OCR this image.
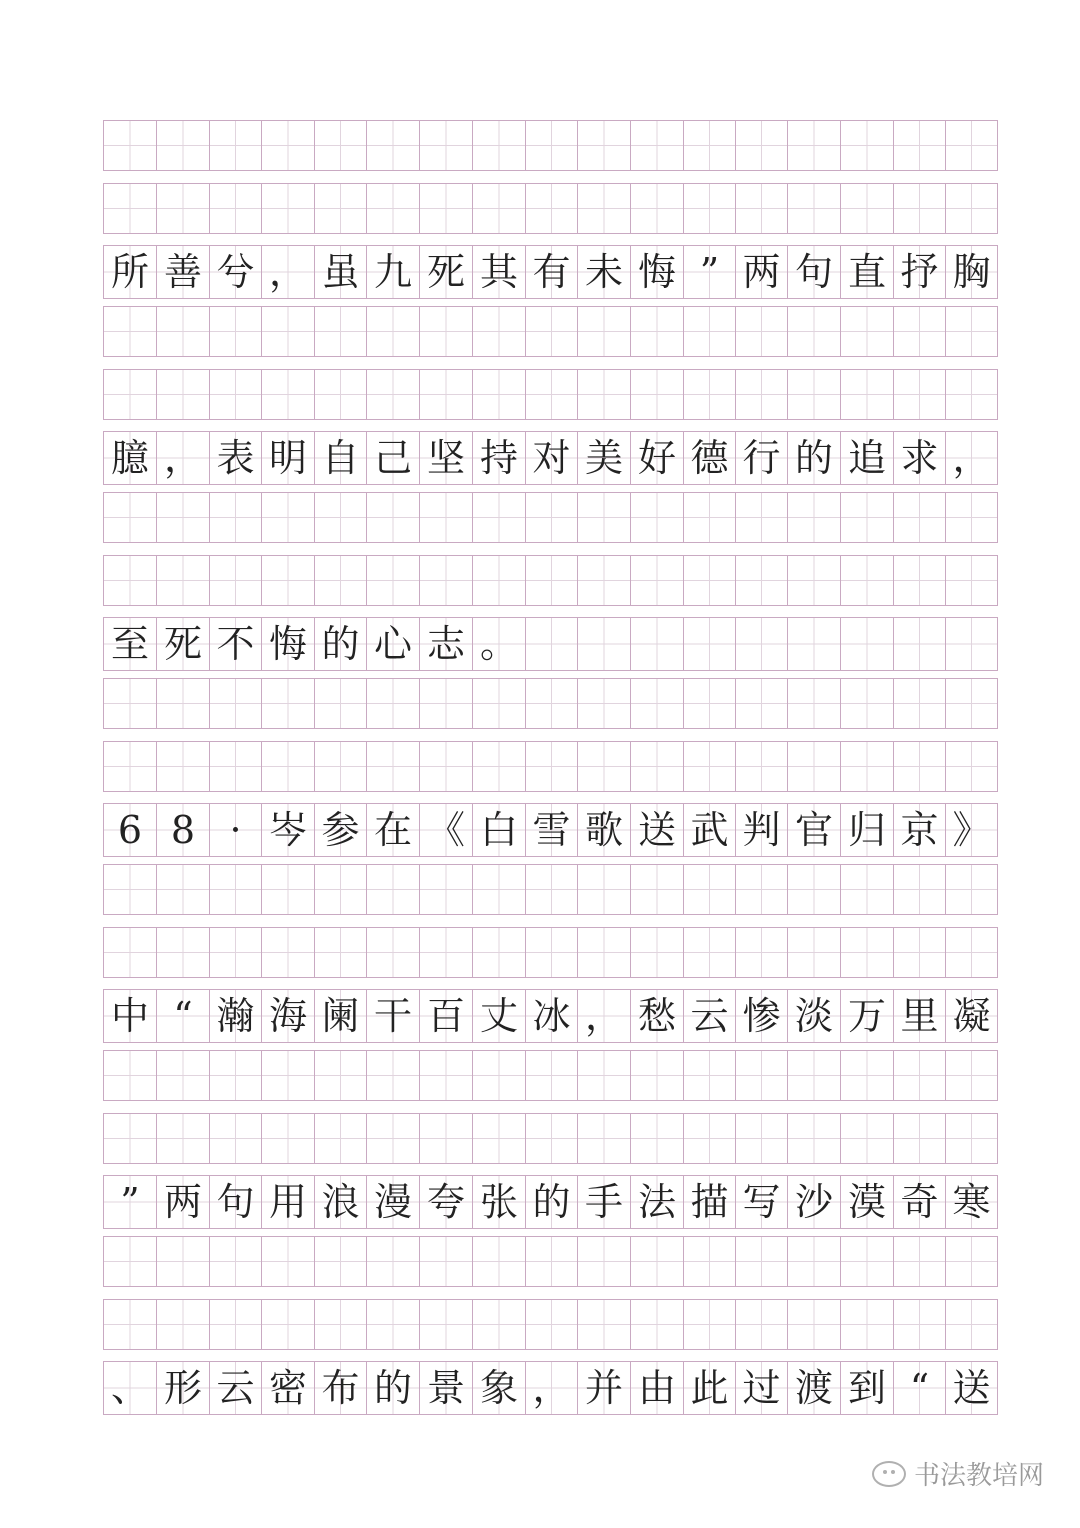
所 善 兮 ， 虽 九 死 其 有 未 悔 ” 两 句 直 抒 胸
臆 ， 表 明 自 己 坚 持 对 美 好 德 行 的 追 求 ，
至 死 不 悔 的 心 志 。
6 8 · 岑 参 在 《 白 雪 歌 送 武 判 官 归 京 》
中 “ 瀚 海 阑 干 百 丈 冰 ， 愁 云 惨 淡 万 里 凝
” 两 句 用 浪 漫 夸 张 的 手 法 描 写 沙 漠 奇 寒
、 形 云 密 布 的 景 象 ， 并 由 此 过 渡 到 “ 送
书法教培网
